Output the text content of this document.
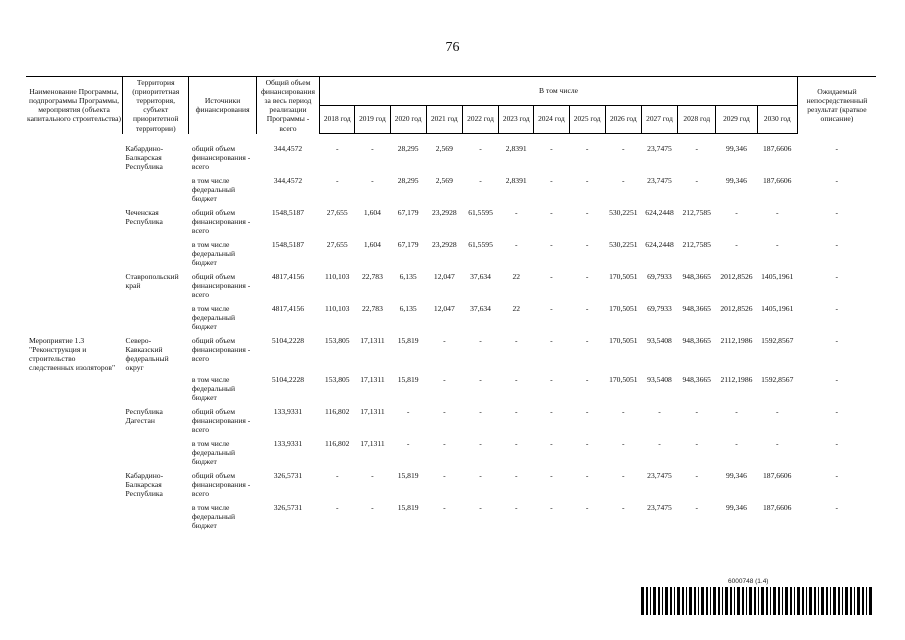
76
Наименование Программы, подпрограммы Программы, мероприятия (объекта капитального строительства)	Территория (приоритетная территория, субъект приоритетной территории)	Источники финансирования	Общий объем финансирования за весь период реализации Программы - всего	В том числе													Ожидаемый непосредственный результат (краткое описание)
				2018 год	2019 год	2020 год	2021 год	2022 год	2023 год	2024 год	2025 год	2026 год	2027 год	2028 год	2029 год	2030 год	
	Кабардино-Балкарская Республика	общий объем финансирования - всего	344,4572	-	-	28,295	2,569	-	2,8391	-	-	-	23,7475	-	99,346	187,6606	-
		в том числе федеральный бюджет	344,4572	-	-	28,295	2,569	-	2,8391	-	-	-	23,7475	-	99,346	187,6606	-
	Чеченская Республика	общий объем финансирования - всего	1548,5187	27,655	1,604	67,179	23,2928	61,5595	-	-	-	530,2251	624,2448	212,7585	-	-	-
		в том числе федеральный бюджет	1548,5187	27,655	1,604	67,179	23,2928	61,5595	-	-	-	530,2251	624,2448	212,7585	-	-	-
	Ставропольский край	общий объем финансирования - всего	4817,4156	110,103	22,783	6,135	12,047	37,634	22	-	-	170,5051	69,7933	948,3665	2012,8526	1405,1961	-
		в том числе федеральный бюджет	4817,4156	110,103	22,783	6,135	12,047	37,634	22	-	-	170,5051	69,7933	948,3665	2012,8526	1405,1961	-
Мероприятие 1.3 "Реконструкция и строительство следственных изоляторов"	Северо-Кавказский федеральный округ	общий объем финансирования - всего	5104,2228	153,805	17,1311	15,819	-	-	-	-	-	170,5051	93,5408	948,3665	2112,1986	1592,8567	-
		в том числе федеральный бюджет	5104,2228	153,805	17,1311	15,819	-	-	-	-	-	170,5051	93,5408	948,3665	2112,1986	1592,8567	-
	Республика Дагестан	общий объем финансирования - всего	133,9331	116,802	17,1311	-	-	-	-	-	-	-	-	-	-	-	-
		в том числе федеральный бюджет	133,9331	116,802	17,1311	-	-	-	-	-	-	-	-	-	-	-	-
	Кабардино-Балкарская Республика	общий объем финансирования - всего	326,5731	-	-	15,819	-	-	-	-	-	-	23,7475	-	99,346	187,6606	-
		в том числе федеральный бюджет	326,5731	-	-	15,819	-	-	-	-	-	-	23,7475	-	99,346	187,6606	-
6000748 (1.4)
